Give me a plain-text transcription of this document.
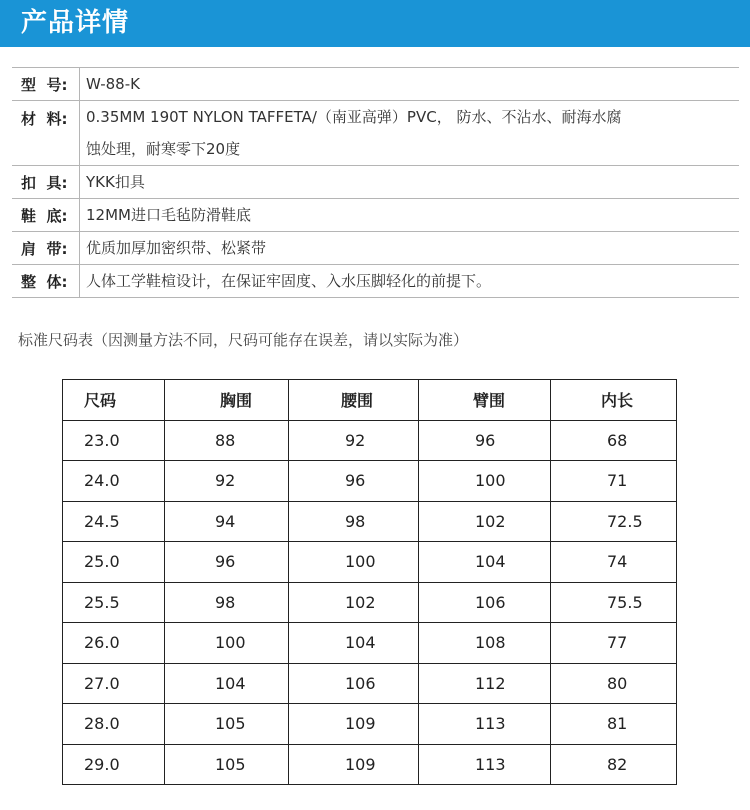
产品详情
型  号:	W-88-K
材  料:	0.35MM 190T NYLON TAFFETA/（南亚高弹）PVC， 防水、不沾水、耐海水腐
蚀处理，耐寒零下20度
扣  具:	YKK扣具
鞋  底:	12MM进口毛毡防滑鞋底
肩  带:	优质加厚加密织带、松紧带
整  体:	人体工学鞋楦设计，在保证牢固度、入水压脚轻化的前提下。
标准尺码表（因测量方法不同，尺码可能存在误差，请以实际为准）
尺码	胸围	腰围	臂围	内长
23.0	88	92	96	68
24.0	92	96	100	71
24.5	94	98	102	72.5
25.0	96	100	104	74
25.5	98	102	106	75.5
26.0	100	104	108	77
27.0	104	106	112	80
28.0	105	109	113	81
29.0	105	109	113	82
